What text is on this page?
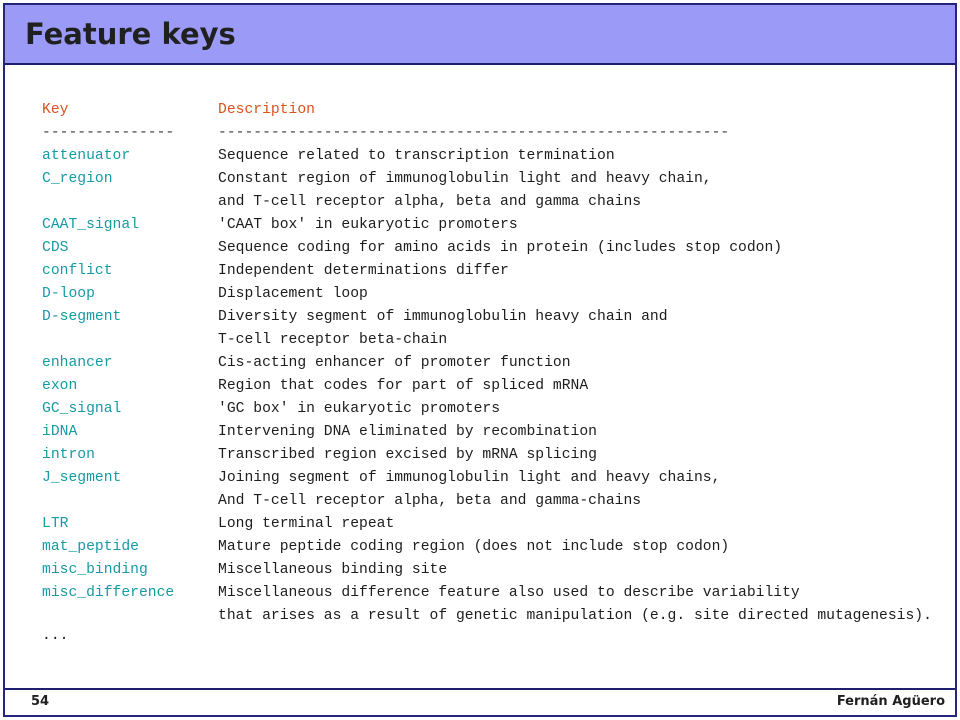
Feature keys
Key	Description
---------------	----------------------------------------------------------
attenuator	Sequence related to transcription termination
C_region	Constant region of immunoglobulin light and heavy chain,
and T-cell receptor alpha, beta and gamma chains
CAAT_signal	'CAAT box' in eukaryotic promoters
CDS	Sequence coding for amino acids in protein (includes stop codon)
conflict	Independent determinations differ
D-loop	Displacement loop
D-segment	Diversity segment of immunoglobulin heavy chain and
T-cell receptor beta-chain
enhancer	Cis-acting enhancer of promoter function
exon	Region that codes for part of spliced mRNA
GC_signal	'GC box' in eukaryotic promoters
iDNA	Intervening DNA eliminated by recombination
intron	Transcribed region excised by mRNA splicing
J_segment	Joining segment of immunoglobulin light and heavy chains,
And T-cell receptor alpha, beta and gamma-chains
LTR	Long terminal repeat
mat_peptide	Mature peptide coding region (does not include stop codon)
misc_binding	Miscellaneous binding site
misc_difference	Miscellaneous difference feature also used to describe variability
that arises as a result of genetic manipulation (e.g. site directed mutagenesis).
...
54	Fernán Agüero
